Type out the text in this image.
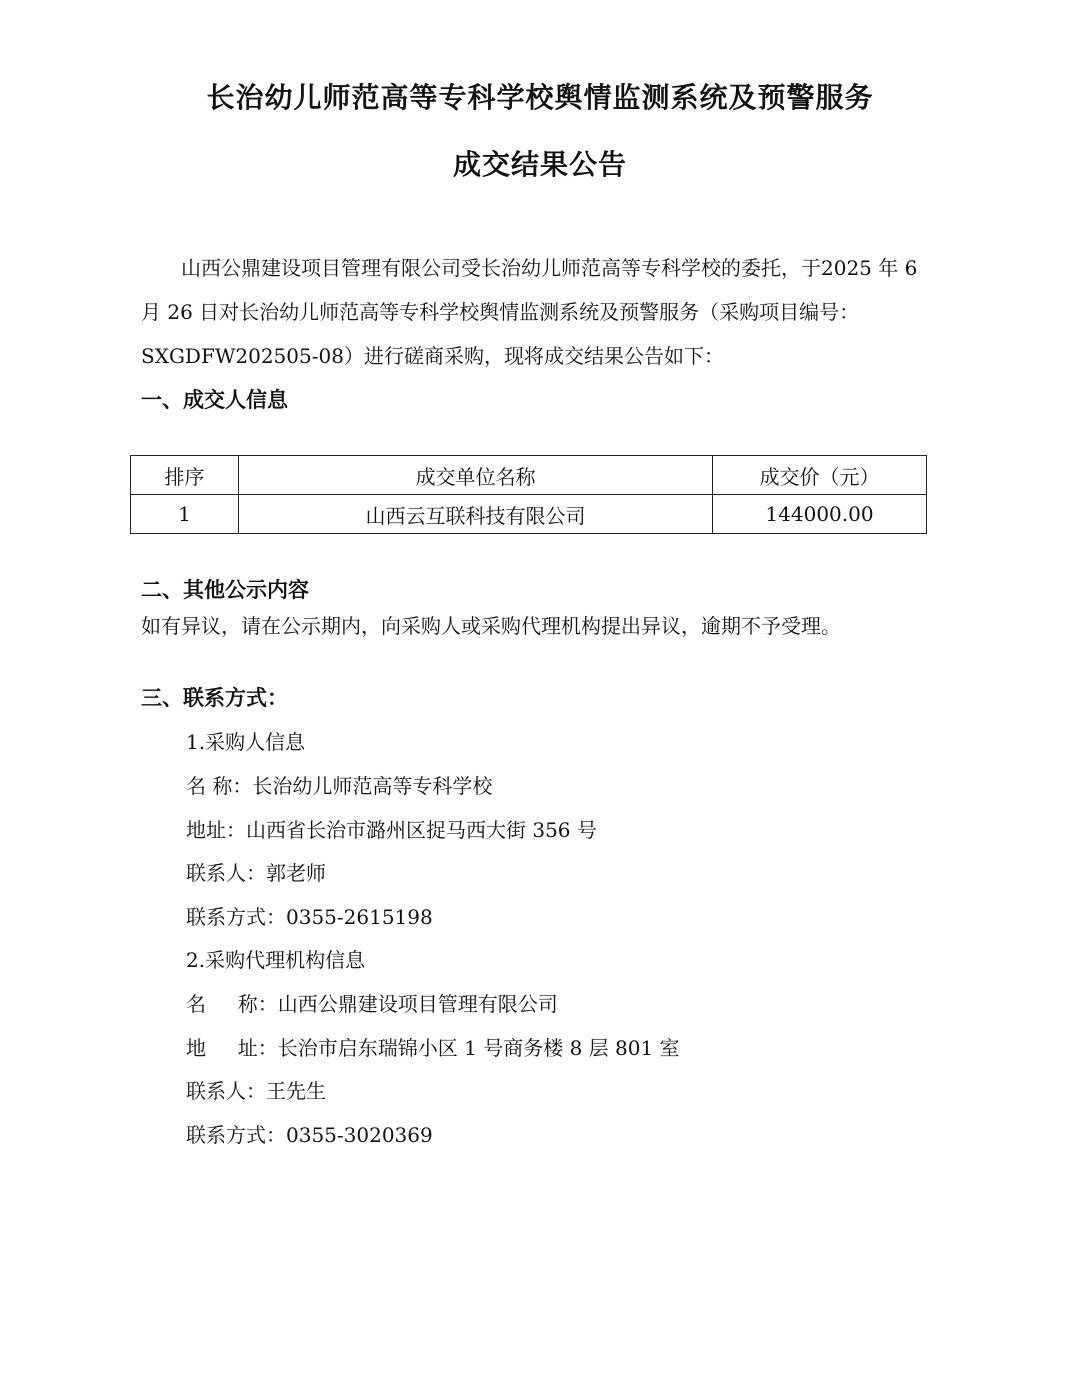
长治幼儿师范高等专科学校舆情监测系统及预警服务
成交结果公告
山西公鼎建设项目管理有限公司受长治幼儿师范高等专科学校的委托，于2025 年 6 月 26 日对长治幼儿师范高等专科学校舆情监测系统及预警服务（采购项目编号：SXGDFW202505-08）进行磋商采购，现将成交结果公告如下：
一、成交人信息
排序	成交单位名称	成交价（元）
1	山西云互联科技有限公司	144000.00
二、其他公示内容
如有异议，请在公示期内，向采购人或采购代理机构提出异议，逾期不予受理。
三、联系方式：
1.采购人信息
名 称：长治幼儿师范高等专科学校
地址：山西省长治市潞州区捉马西大街 356 号
联系人：郭老师
联系方式：0355-2615198
2.采购代理机构信息
名     称：山西公鼎建设项目管理有限公司
地     址：长治市启东瑞锦小区 1 号商务楼 8 层 801 室
联系人：王先生
联系方式：0355-3020369
